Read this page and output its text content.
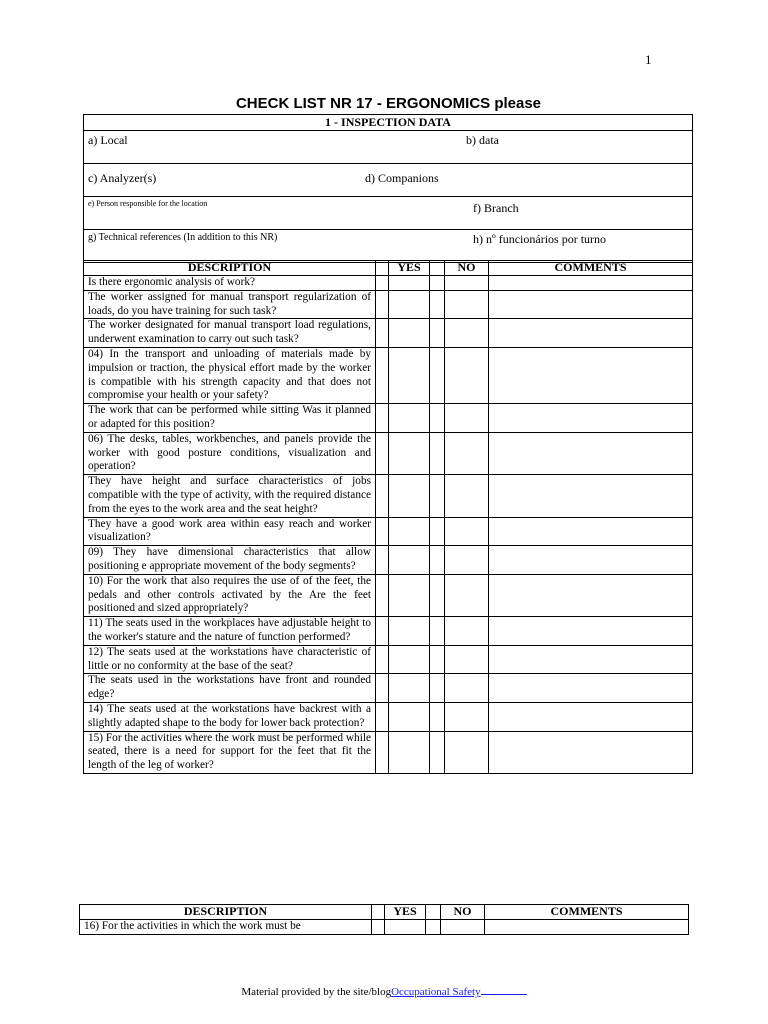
1
CHECK LIST NR 17 - ERGONOMICS please
1 - INSPECTION DATA

a) Local	b) data

c) Analyzer(s)	d) Companions

e) Person responsible for the location	f) Branch

g) Technical references (In addition to this NR)	h) nº funcionários por turno
DESCRIPTION		YES		NO	COMMENTS
Is there ergonomic analysis of work?					
The worker assigned for manual transport regularization of loads, do you have training for such task?					
The worker designated for manual transport load regulations, underwent examination to carry out such task?					
04) In the transport and unloading of materials made by impulsion or traction, the physical effort made by the worker is compatible with his strength capacity and that does not compromise your health or your safety?					
The work that can be performed while sitting Was it planned or adapted for this position?					
06) The desks, tables, workbenches, and panels provide the worker with good posture conditions, visualization and operation?					
They have height and surface characteristics of jobs compatible with the type of activity, with the required distance from the eyes to the work area and the seat height?					
They have a good work area within easy reach and worker visualization?					
09) They have dimensional characteristics that allow positioning e appropriate movement of the body segments?					
10) For the work that also requires the use of of the feet, the pedals and other controls activated by the Are the feet positioned and sized appropriately?					
11) The seats used in the workplaces have adjustable height to the worker's stature and the nature of function performed?					
12) The seats used at the workstations have characteristic of little or no conformity at the base of the seat?					
The seats used in the workstations have front and rounded edge?					
14) The seats used at the workstations have backrest with a slightly adapted shape to the body for lower back protection?					
15) For the activities where the work must be performed while seated, there is a need for support for the feet that fit the length of the leg of worker?					
DESCRIPTION		YES		NO	COMMENTS
16) For the activities in which the work must be					
Material provided by the site/blogOccupational Safety
